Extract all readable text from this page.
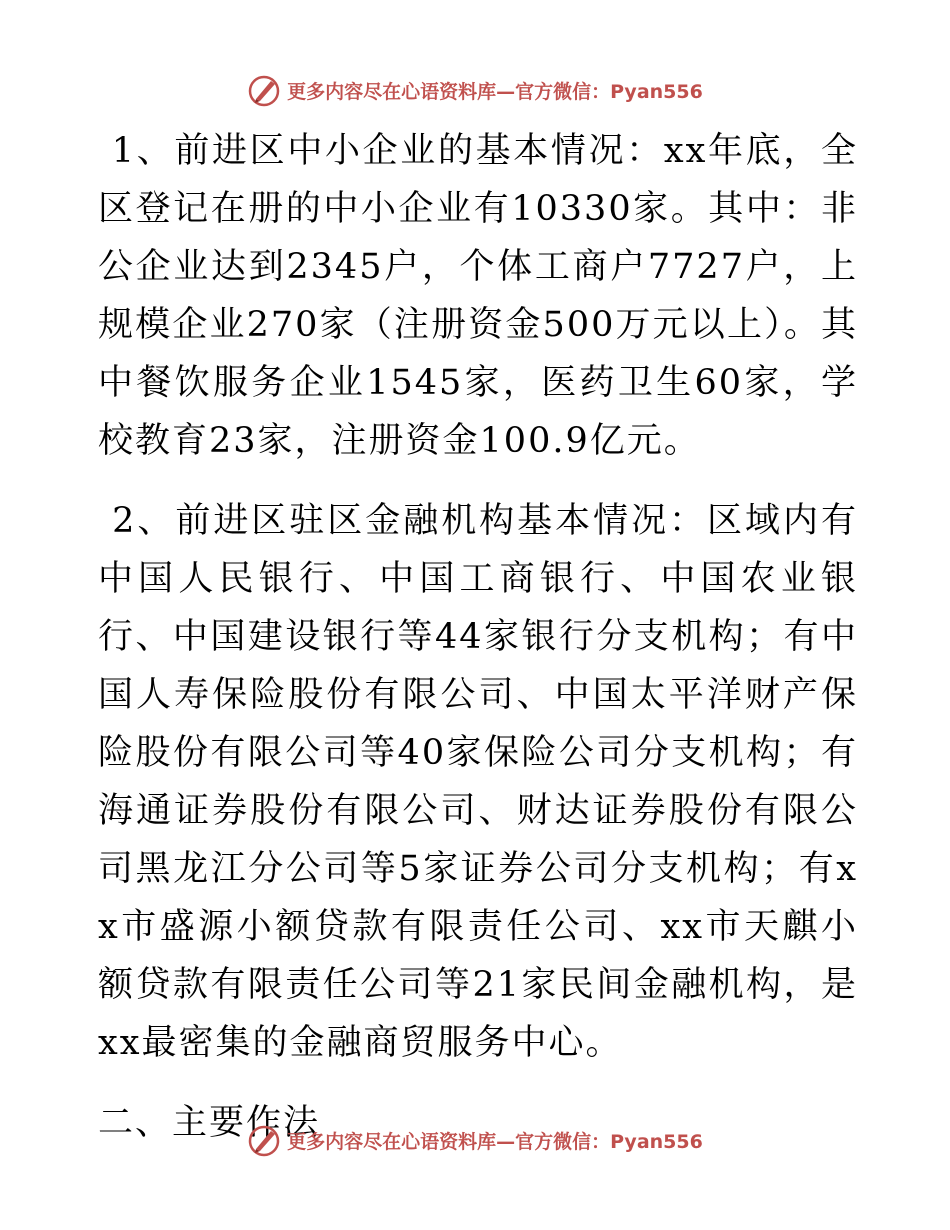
更多内容尽在心语资料库—官方微信：Pyan556

1、前进区中小企业的基本情况：xx年底，全区登记在册的中小企业有10330家。其中：非公企业达到2345户，个体工商户7727户，上规模企业270家（注册资金500万元以上）。其中餐饮服务企业1545家，医药卫生60家，学校教育23家，注册资金100.9亿元。

2、前进区驻区金融机构基本情况：区域内有中国人民银行、中国工商银行、中国农业银行、中国建设银行等44家银行分支机构；有中国人寿保险股份有限公司、中国太平洋财产保险股份有限公司等40家保险公司分支机构；有海通证券股份有限公司、财达证券股份有限公司黑龙江分公司等5家证券公司分支机构；有xx市盛源小额贷款有限责任公司、xx市天麒小额贷款有限责任公司等21家民间金融机构，是xx最密集的金融商贸服务中心。

二、主要作法

更多内容尽在心语资料库—官方微信：Pyan556
